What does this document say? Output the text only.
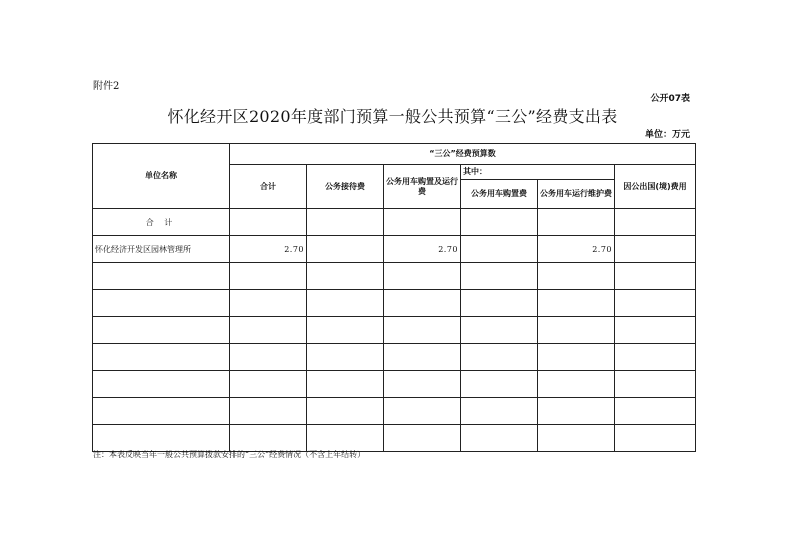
附件2
公开07表
怀化经开区2020年度部门预算一般公共预算“三公”经费支出表
单位：万元
单位名称	“三公”经费预算数					
	合计	公务接待费	公务用车购置及运行费	其中：		因公出国(境)费用
				公务用车购置费	公务用车运行维护费	
合 计						
怀化经济开发区园林管理所	2.70		2.70		2.70	

注：本表反映当年一般公共预算拨款安排的“三公”经费情况（不含上年结转）
